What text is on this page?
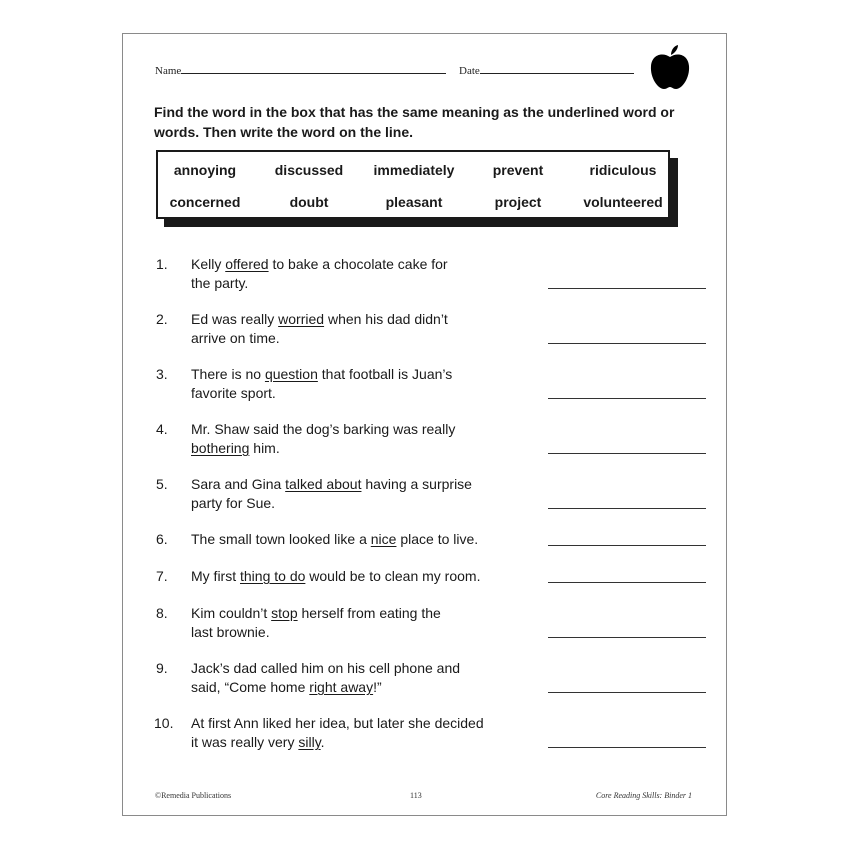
Name	Date
Find the word in the box that has the same meaning as the underlined word or words. Then write the word on the line.
annoying	discussed	immediately	prevent	ridiculous
concerned	doubt	pleasant	project	volunteered
1. Kelly offered to bake a chocolate cake for
the party.
2. Ed was really worried when his dad didn’t
arrive on time.
3. There is no question that football is Juan’s
favorite sport.
4. Mr. Shaw said the dog’s barking was really
bothering him.
5. Sara and Gina talked about having a surprise
party for Sue.
6. The small town looked like a nice place to live.
7. My first thing to do would be to clean my room.
8. Kim couldn’t stop herself from eating the
last brownie.
9. Jack’s dad called him on his cell phone and
said, “Come home right away!”
10. At first Ann liked her idea, but later she decided
it was really very silly.
©Remedia Publications	113	Core Reading Skills: Binder 1
